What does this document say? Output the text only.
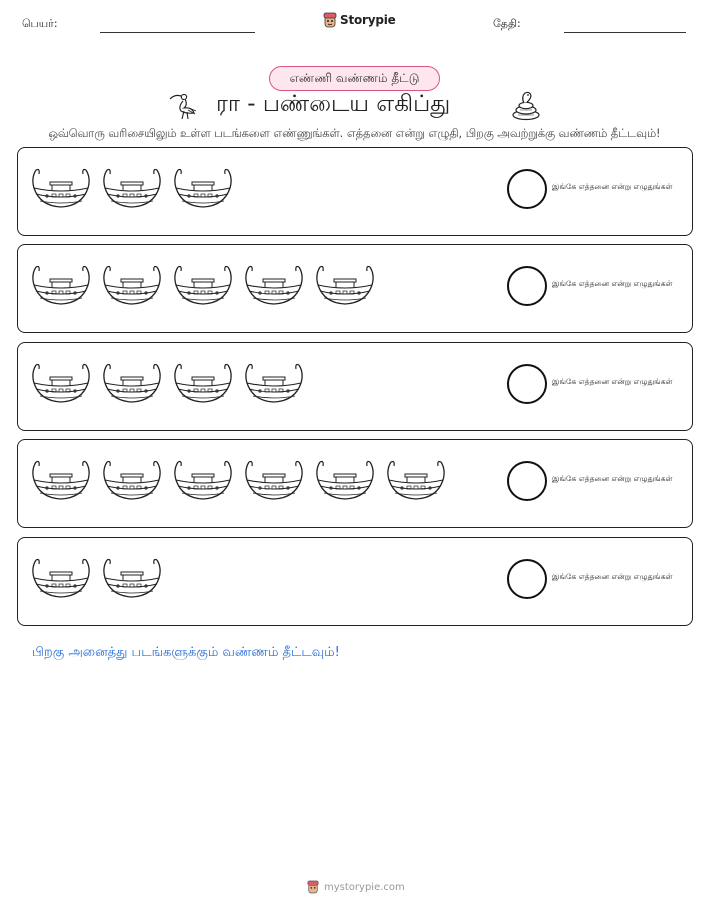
பெயர்:	Storypie	தேதி:
எண்ணி வண்ணம் தீட்டு
ரா - பண்டைய எகிப்து
ஒவ்வொரு வரிசையிலும் உள்ள படங்களை எண்ணுங்கள். எத்தனை என்று எழுதி, பிறகு அவற்றுக்கு வண்ணம் தீட்டவும்!
இங்கே எத்தனை என்று எழுதுங்கள்
இங்கே எத்தனை என்று எழுதுங்கள்
இங்கே எத்தனை என்று எழுதுங்கள்
இங்கே எத்தனை என்று எழுதுங்கள்
இங்கே எத்தனை என்று எழுதுங்கள்
பிறகு அனைத்து படங்களுக்கும் வண்ணம் தீட்டவும்!
mystorypie.com
